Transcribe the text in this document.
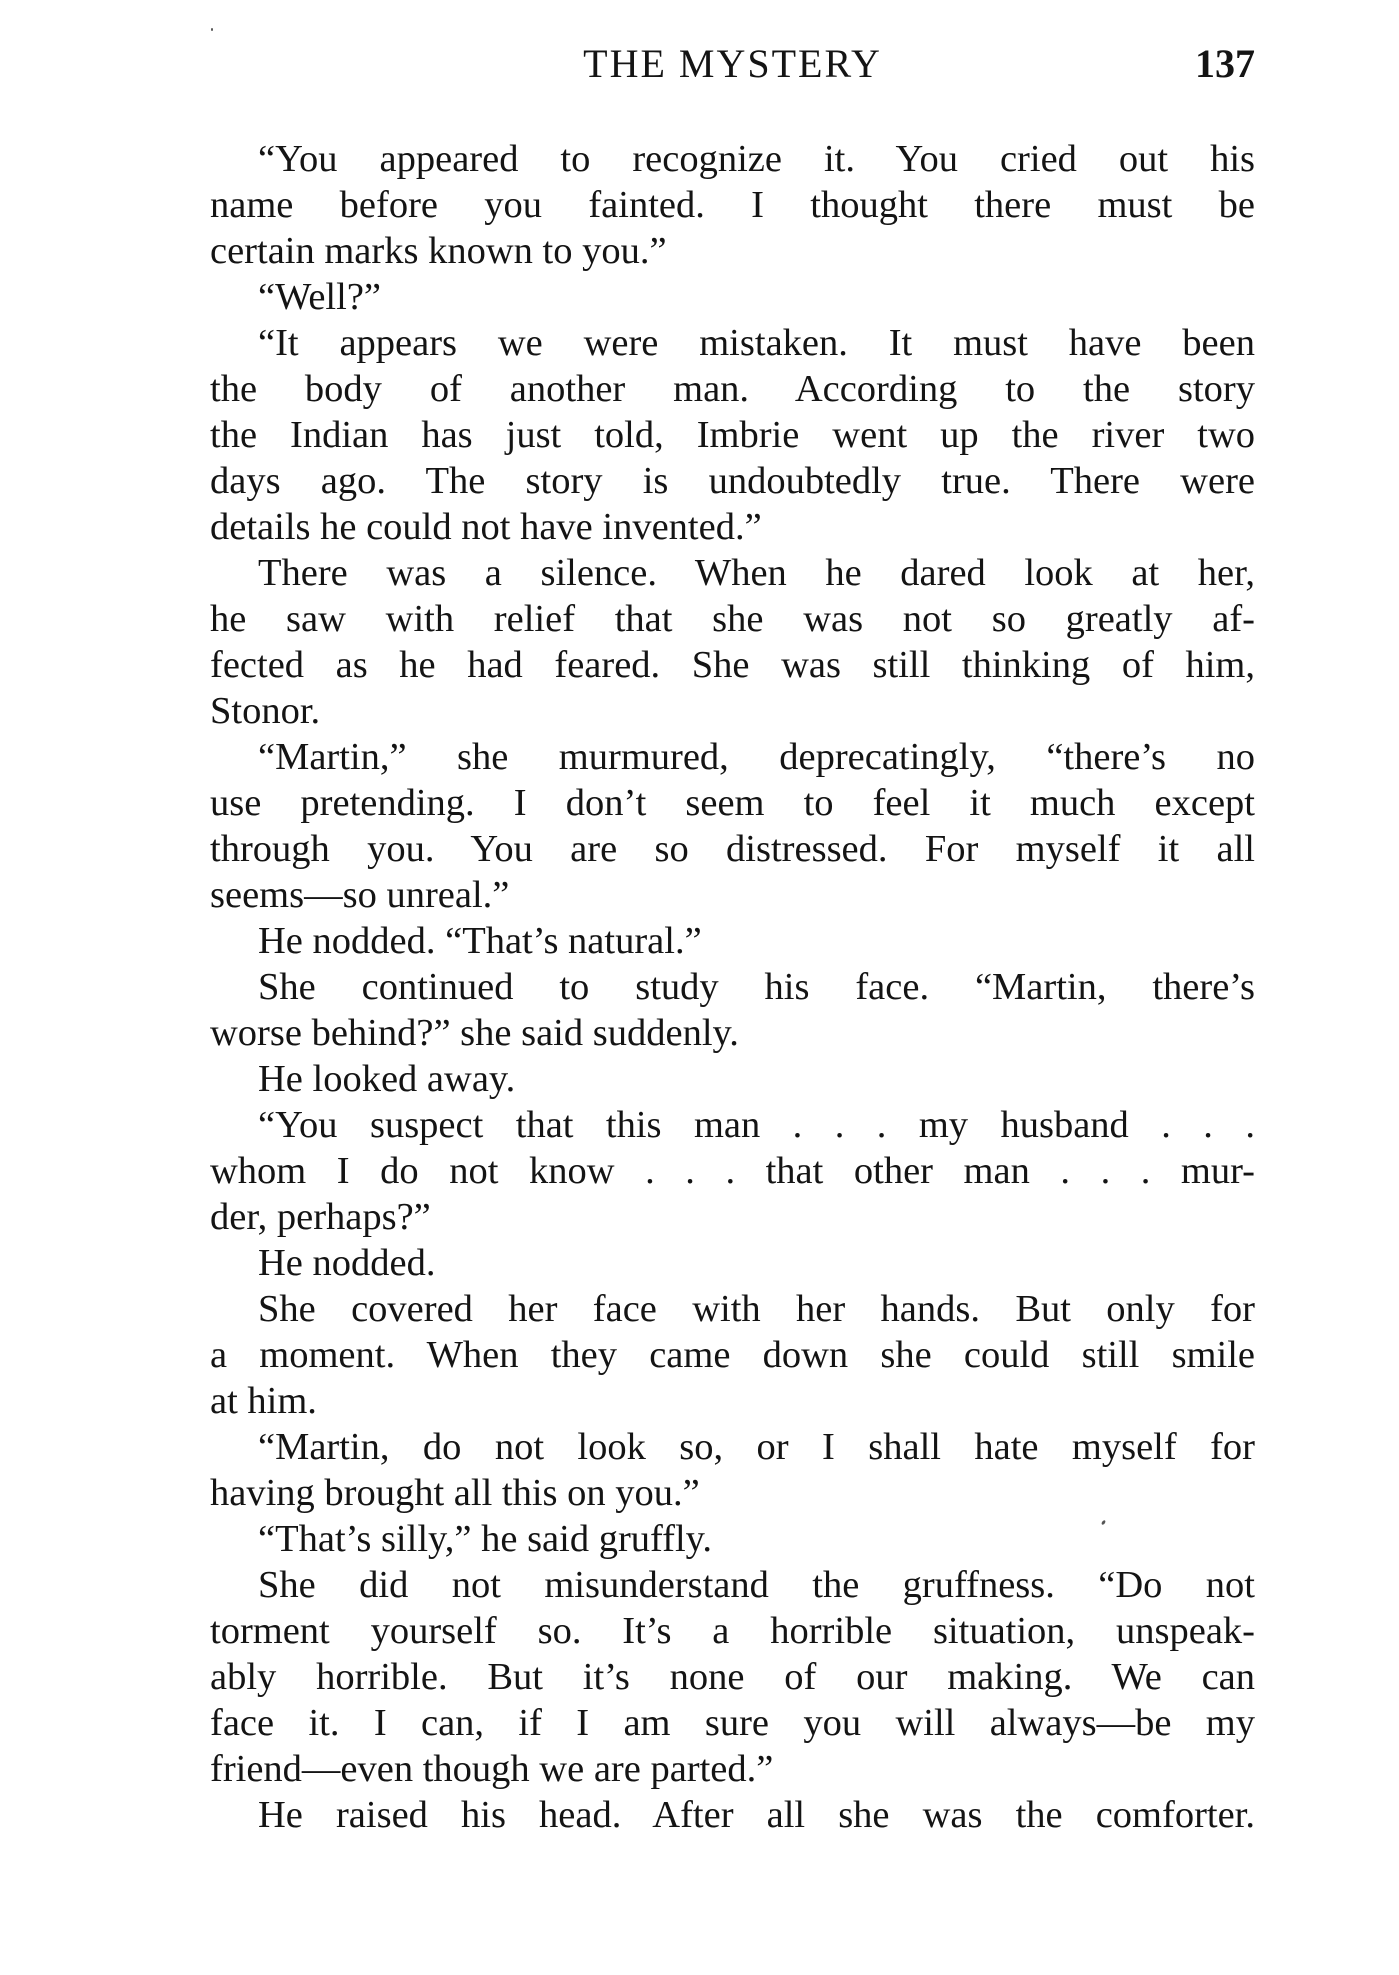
THE MYSTERY	137
“You appeared to recognize it. You cried out his
name before you fainted. I thought there must be
certain marks known to you.”
“Well?”
“It appears we were mistaken. It must have been
the body of another man. According to the story
the Indian has just told, Imbrie went up the river two
days ago. The story is undoubtedly true. There were
details he could not have invented.”
There was a silence. When he dared look at her,
he saw with relief that she was not so greatly af-
fected as he had feared. She was still thinking of him,
Stonor.
“Martin,” she murmured, deprecatingly, “there’s no
use pretending. I don’t seem to feel it much except
through you. You are so distressed. For myself it all
seems—so unreal.”
He nodded. “That’s natural.”
She continued to study his face. “Martin, there’s
worse behind?” she said suddenly.
He looked away.
“You suspect that this man . . . my husband . . .
whom I do not know . . . that other man . . . mur-
der, perhaps?”
He nodded.
She covered her face with her hands. But only for
a moment. When they came down she could still smile
at him.
“Martin, do not look so, or I shall hate myself for
having brought all this on you.”
“That’s silly,” he said gruffly.
She did not misunderstand the gruffness. “Do not
torment yourself so. It’s a horrible situation, unspeak-
ably horrible. But it’s none of our making. We can
face it. I can, if I am sure you will always—be my
friend—even though we are parted.”
He raised his head. After all she was the comforter.
